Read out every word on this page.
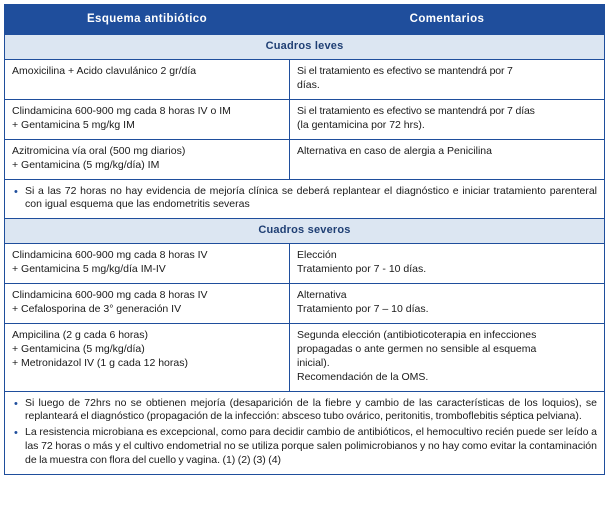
Esquema antibiótico	Comentarios
Cuadros leves	

Amoxicilina + Acido clavulánico 2 gr/día	Si el tratamiento es efectivo se mantendrá por 7
días.

Clindamicina 600-900 mg cada 8 horas IV o IM
+ Gentamicina 5 mg/kg IM	Si el tratamiento es efectivo se mantendrá por 7 días
(la gentamicina por 72 hrs).

Azitromicina vía oral (500 mg diarios)
+ Gentamicina (5 mg/kg/día) IM	Alternativa en caso de alergia a Penicilina

• Si a las 72 horas no hay evidencia de mejoría clínica se deberá replantear el diagnóstico e iniciar tratamiento parenteral con igual esquema que las endometritis severas

Cuadros severos	

Clindamicina 600-900 mg cada 8 horas IV
+ Gentamicina 5 mg/kg/día IM-IV	Elección
Tratamiento por 7 - 10 días.

Clindamicina 600-900 mg cada 8 horas IV
+ Cefalosporina de 3° generación IV	Alternativa
Tratamiento por 7 – 10 días.

Ampicilina (2 g cada 6 horas)
+ Gentamicina (5 mg/kg/día)
+ Metronidazol IV (1 g cada 12 horas)	Segunda elección (antibioticoterapia en infecciones
propagadas o ante germen no sensible al esquema
inicial).
Recomendación de la OMS.

• Si luego de 72hrs no se obtienen mejoría (desaparición de la fiebre y cambio de las características de los loquios), se replanteará el diagnóstico (propagación de la infección: absceso tubo ovárico, peritonitis, tromboflebitis séptica pelviana).
• La resistencia microbiana es excepcional, como para decidir cambio de antibióticos, el hemocultivo recién puede ser leído a las 72 horas o más y el cultivo endometrial no se utiliza porque salen polimicrobianos y no hay como evitar la contaminación de la muestra con flora del cuello y vagina. (1) (2) (3) (4)
